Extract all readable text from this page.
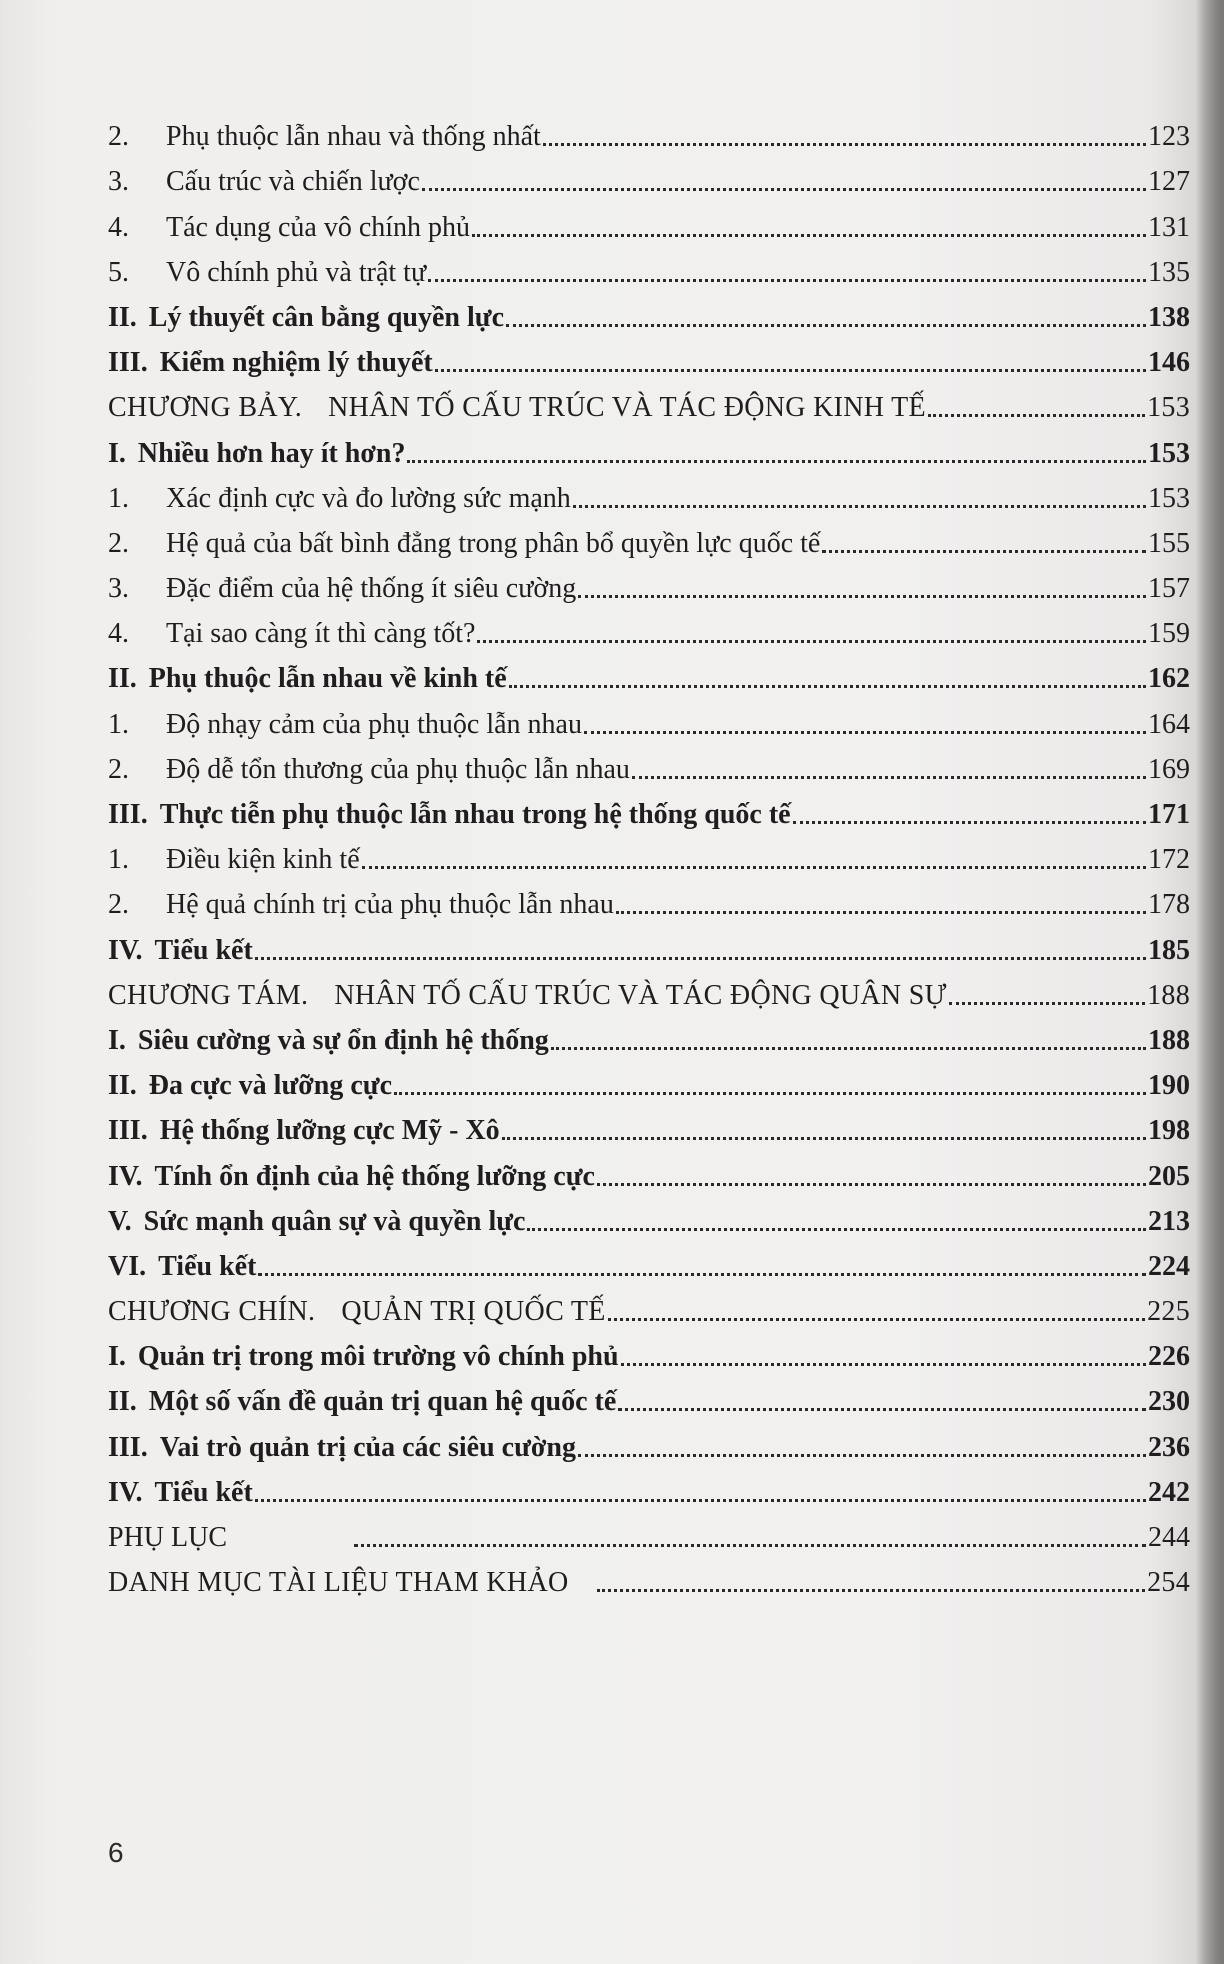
2.	Phụ thuộc lẫn nhau và thống nhất	123
3.	Cấu trúc và chiến lược	127
4.	Tác dụng của vô chính phủ	131
5.	Vô chính phủ và trật tự	135
II. Lý thuyết cân bằng quyền lực	138
III. Kiểm nghiệm lý thuyết	146
CHƯƠNG BẢY. NHÂN TỐ CẤU TRÚC VÀ TÁC ĐỘNG KINH TẾ	153
I. Nhiều hơn hay ít hơn?	153
1.	Xác định cực và đo lường sức mạnh	153
2.	Hệ quả của bất bình đẳng trong phân bổ quyền lực quốc tế	155
3.	Đặc điểm của hệ thống ít siêu cường	157
4.	Tại sao càng ít thì càng tốt?	159
II. Phụ thuộc lẫn nhau về kinh tế	162
1.	Độ nhạy cảm của phụ thuộc lẫn nhau	164
2.	Độ dễ tổn thương của phụ thuộc lẫn nhau	169
III. Thực tiễn phụ thuộc lẫn nhau trong hệ thống quốc tế	171
1.	Điều kiện kinh tế	172
2.	Hệ quả chính trị của phụ thuộc lẫn nhau	178
IV. Tiểu kết	185
CHƯƠNG TÁM. NHÂN TỐ CẤU TRÚC VÀ TÁC ĐỘNG QUÂN SỰ	188
I. Siêu cường và sự ổn định hệ thống	188
II. Đa cực và lưỡng cực	190
III. Hệ thống lưỡng cực Mỹ - Xô	198
IV. Tính ổn định của hệ thống lưỡng cực	205
V. Sức mạnh quân sự và quyền lực	213
VI. Tiểu kết	224
CHƯƠNG CHÍN. QUẢN TRỊ QUỐC TẾ	225
I. Quản trị trong môi trường vô chính phủ	226
II. Một số vấn đề quản trị quan hệ quốc tế	230
III. Vai trò quản trị của các siêu cường	236
IV. Tiểu kết	242
PHỤ LỤC	244
DANH MỤC TÀI LIỆU THAM KHẢO	254
6
